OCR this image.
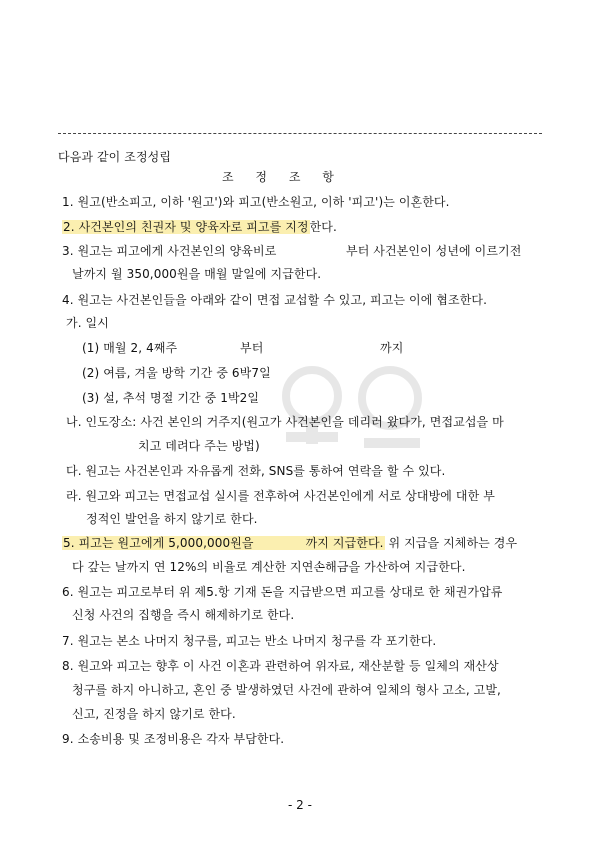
다음과 같이 조정성립
조 정 조 항
1. 원고(반소피고, 이하 '원고')와 피고(반소원고, 이하 '피고')는 이혼한다.
2. 사건본인의 친권자 및 양육자로 피고를 지정한다.
3. 원고는 피고에게 사건본인의 양육비로	부터 사건본인이 성년에 이르기전
날까지 월 350,000원을 매월 말일에 지급한다.
4. 원고는 사건본인들을 아래와 같이 면접 교섭할 수 있고, 피고는 이에 협조한다.
가. 일시
(1) 매월 2, 4째주	부터	까지
(2) 여름, 겨울 방학 기간 중 6박7일
(3) 설, 추석 명절 기간 중 1박2일
나. 인도장소: 사건 본인의 거주지(원고가 사건본인을 데리러 왔다가, 면접교섭을 마
치고 데려다 주는 방법)
다. 원고는 사건본인과 자유롭게 전화, SNS를 통하여 연락을 할 수 있다.
라. 원고와 피고는 면접교섭 실시를 전후하여 사건본인에게 서로 상대방에 대한 부
정적인 발언을 하지 않기로 한다.
5. 피고는 원고에게 5,000,000원을	까지 지급한다. 위 지급을 지체하는 경우
다 갚는 날까지 연 12%의 비율로 계산한 지연손해금을 가산하여 지급한다.
6. 원고는 피고로부터 위 제5.항 기재 돈을 지급받으면 피고를 상대로 한 채권가압류
신청 사건의 집행을 즉시 해제하기로 한다.
7. 원고는 본소 나머지 청구를, 피고는 반소 나머지 청구를 각 포기한다.
8. 원고와 피고는 향후 이 사건 이혼과 관련하여 위자료, 재산분할 등 일체의 재산상
청구를 하지 아니하고, 혼인 중 발생하였던 사건에 관하여 일체의 형사 고소, 고발,
신고, 진정을 하지 않기로 한다.
9. 소송비용 및 조정비용은 각자 부담한다.
- 2 -
